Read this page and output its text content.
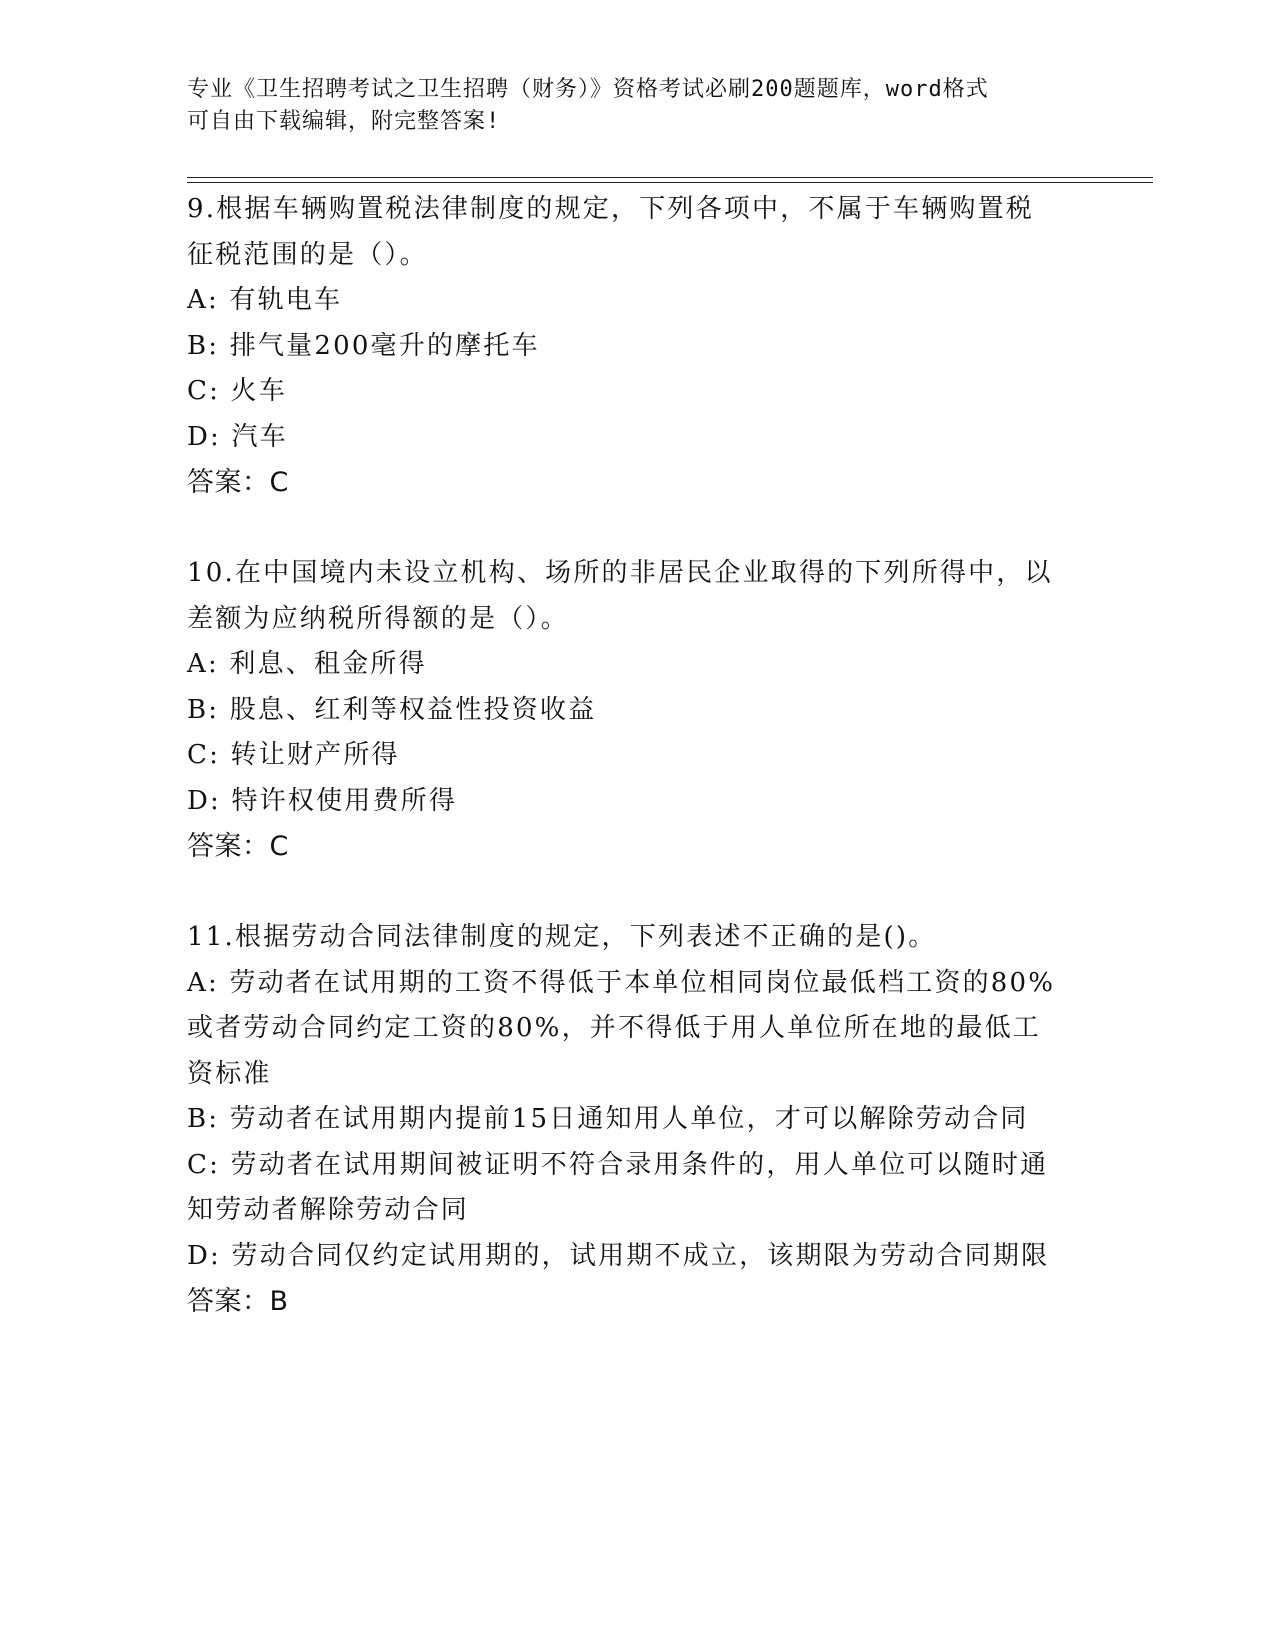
专业《卫生招聘考试之卫生招聘（财务）》资格考试必刷200题题库，word格式
可自由下载编辑，附完整答案!
9.根据车辆购置税法律制度的规定，下列各项中，不属于车辆购置税
征税范围的是（）。
A: 有轨电车
B: 排气量200毫升的摩托车
C: 火车
D: 汽车
答案：C
10.在中国境内未设立机构、场所的非居民企业取得的下列所得中，以
差额为应纳税所得额的是（）。
A: 利息、租金所得
B: 股息、红利等权益性投资收益
C: 转让财产所得
D: 特许权使用费所得
答案：C
11.根据劳动合同法律制度的规定，下列表述不正确的是()。
A: 劳动者在试用期的工资不得低于本单位相同岗位最低档工资的80%
或者劳动合同约定工资的80%，并不得低于用人单位所在地的最低工
资标准
B: 劳动者在试用期内提前15日通知用人单位，才可以解除劳动合同
C: 劳动者在试用期间被证明不符合录用条件的，用人单位可以随时通
知劳动者解除劳动合同
D: 劳动合同仅约定试用期的，试用期不成立，该期限为劳动合同期限
答案：B
